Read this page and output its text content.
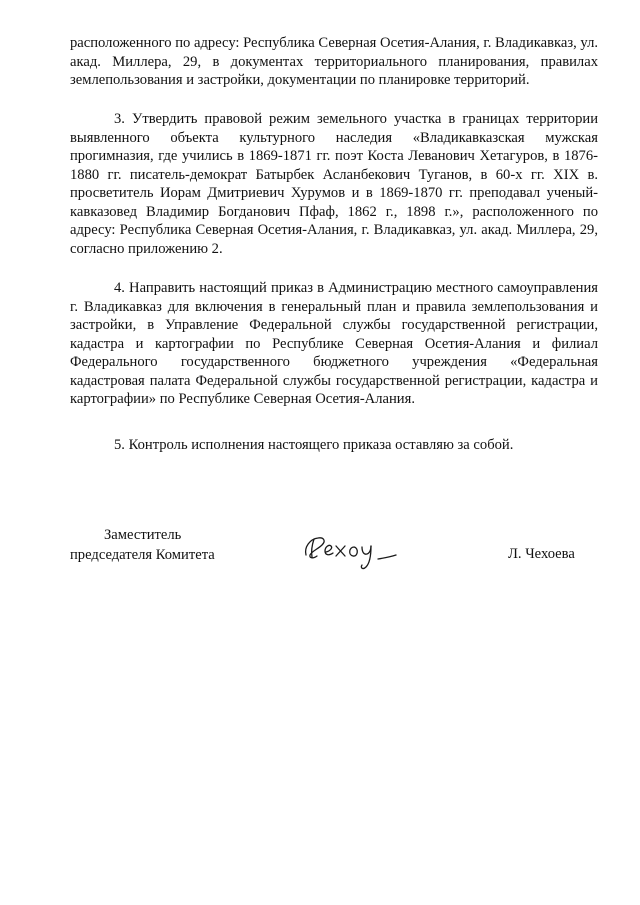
расположенного по адресу: Республика Северная Осетия-Алания, г. Владикавказ, ул. акад. Миллера, 29, в документах территориального планирования, правилах землепользования и застройки, документации по планировке территорий.

3. Утвердить правовой режим земельного участка в границах территории выявленного объекта культурного наследия «Владикавказская мужская прогимназия, где учились в 1869-1871 гг. поэт Коста Леванович Хетагуров, в 1876-1880 гг. писатель-демократ Батырбек Асланбекович Туганов, в 60-х гг. XIX в. просветитель Иорам Дмитриевич Хурумов и в 1869-1870 гг. преподавал ученый-кавказовед Владимир Богданович Пфаф, 1862 г., 1898 г.», расположенного по адресу: Республика Северная Осетия-Алания, г. Владикавказ, ул. акад. Миллера, 29, согласно приложению 2.

4. Направить настоящий приказ в Администрацию местного самоуправления г. Владикавказ для включения в генеральный план и правила землепользования и застройки, в Управление Федеральной службы государственной регистрации, кадастра и картографии по Республике Северная Осетия-Алания и филиал Федерального государственного бюджетного учреждения «Федеральная кадастровая палата Федеральной службы государственной регистрации, кадастра и картографии» по Республике Северная Осетия-Алания.

5. Контроль исполнения настоящего приказа оставляю за собой.

Заместитель
председателя Комитета	Л. Чехоева
